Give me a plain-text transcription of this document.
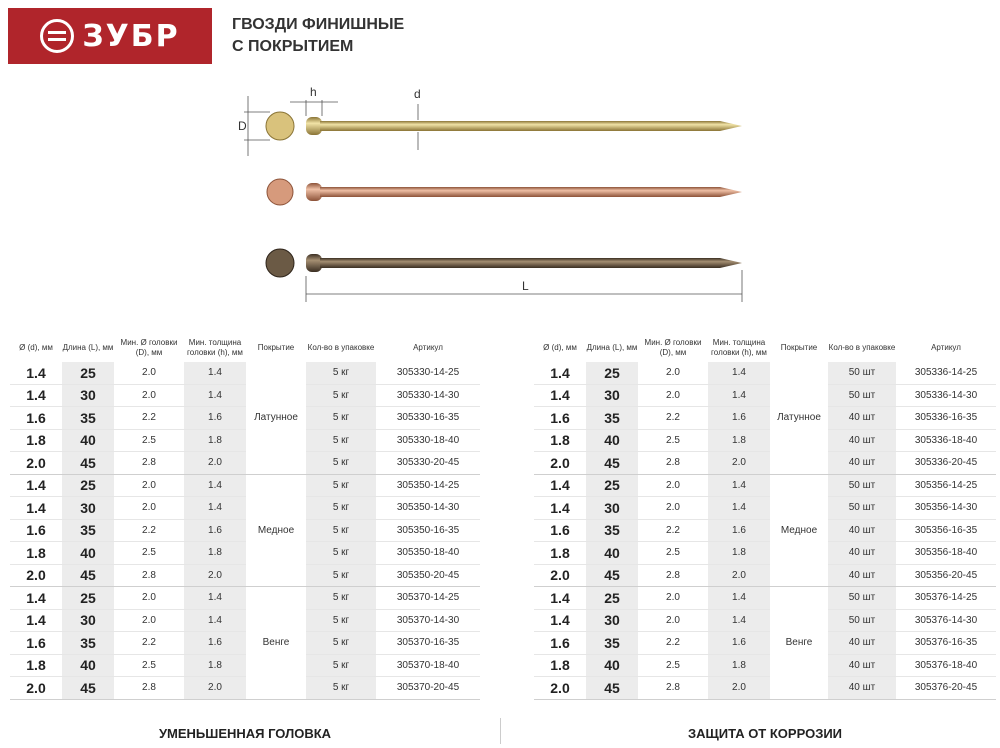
ЗУБР	ГВОЗДИ ФИНИШНЫЕ
С ПОКРЫТИЕМ
D
h	d
L
Ø (d), мм	Длина (L), мм	Мин. Ø головки (D), мм	Мин. толщина головки (h), мм	Покрытие	Кол-во в упаковке	Артикул
1.4	25	2.0	1.4	Латунное	5 кг	305330-14-25
1.4	30	2.0	1.4		5 кг	305330-14-30
1.6	35	2.2	1.6		5 кг	305330-16-35
1.8	40	2.5	1.8		5 кг	305330-18-40
2.0	45	2.8	2.0		5 кг	305330-20-45
1.4	25	2.0	1.4	Медное	5 кг	305350-14-25
1.4	30	2.0	1.4		5 кг	305350-14-30
1.6	35	2.2	1.6		5 кг	305350-16-35
1.8	40	2.5	1.8		5 кг	305350-18-40
2.0	45	2.8	2.0		5 кг	305350-20-45
1.4	25	2.0	1.4	Венге	5 кг	305370-14-25
1.4	30	2.0	1.4		5 кг	305370-14-30
1.6	35	2.2	1.6		5 кг	305370-16-35
1.8	40	2.5	1.8		5 кг	305370-18-40
2.0	45	2.8	2.0		5 кг	305370-20-45
Ø (d), мм	Длина (L), мм	Мин. Ø головки (D), мм	Мин. толщина головки (h), мм	Покрытие	Кол-во в упаковке	Артикул
1.4	25	2.0	1.4	Латунное	50 шт	305336-14-25
1.4	30	2.0	1.4		50 шт	305336-14-30
1.6	35	2.2	1.6		40 шт	305336-16-35
1.8	40	2.5	1.8		40 шт	305336-18-40
2.0	45	2.8	2.0		40 шт	305336-20-45
1.4	25	2.0	1.4	Медное	50 шт	305356-14-25
1.4	30	2.0	1.4		50 шт	305356-14-30
1.6	35	2.2	1.6		40 шт	305356-16-35
1.8	40	2.5	1.8		40 шт	305356-18-40
2.0	45	2.8	2.0		40 шт	305356-20-45
1.4	25	2.0	1.4	Венге	50 шт	305376-14-25
1.4	30	2.0	1.4		50 шт	305376-14-30
1.6	35	2.2	1.6		40 шт	305376-16-35
1.8	40	2.5	1.8		40 шт	305376-18-40
2.0	45	2.8	2.0		40 шт	305376-20-45
УМЕНЬШЕННАЯ ГОЛОВКА	ЗАЩИТА ОТ КОРРОЗИИ
